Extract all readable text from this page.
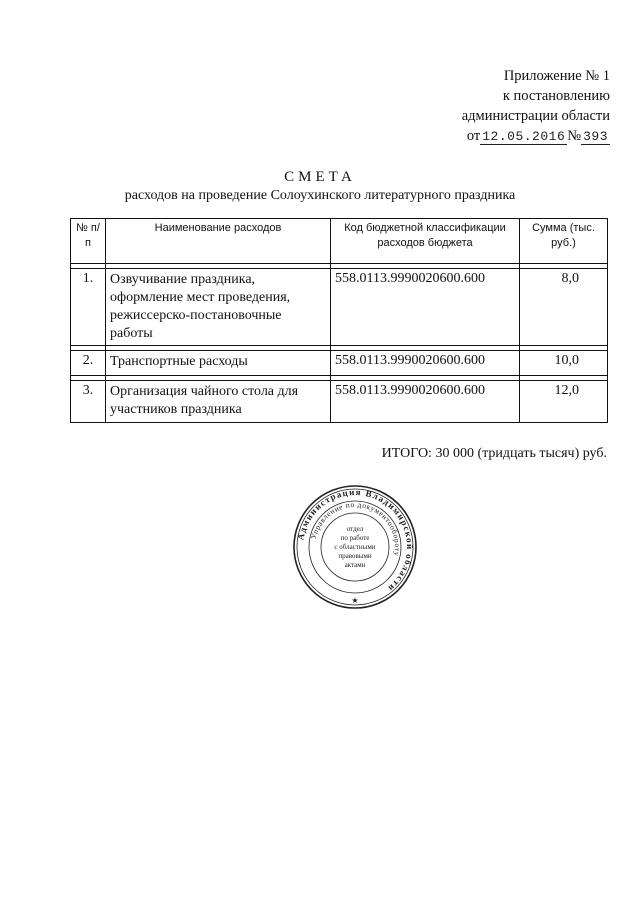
Приложение № 1
к постановлению
администрации области
от 12.05.2016 № 393
СМЕТА
расходов на проведение Солоухинского литературного праздника
№ п/п	Наименование расходов	Код бюджетной классификации расходов бюджета	Сумма (тыс. руб.)

1.	Озвучивание праздника, оформление мест проведения, режиссерско-постановочные работы	558.0113.9990020600.600	8,0

2.	Транспортные расходы	558.0113.9990020600.600	10,0

3.	Организация чайного стола для участников праздника	558.0113.9990020600.600	12,0
ИТОГО: 30 000 (тридцать тысяч) руб.
Администрация Владимирской области
Управление по документообороту
отдел
по работе
с областными
правовыми
актами
★
